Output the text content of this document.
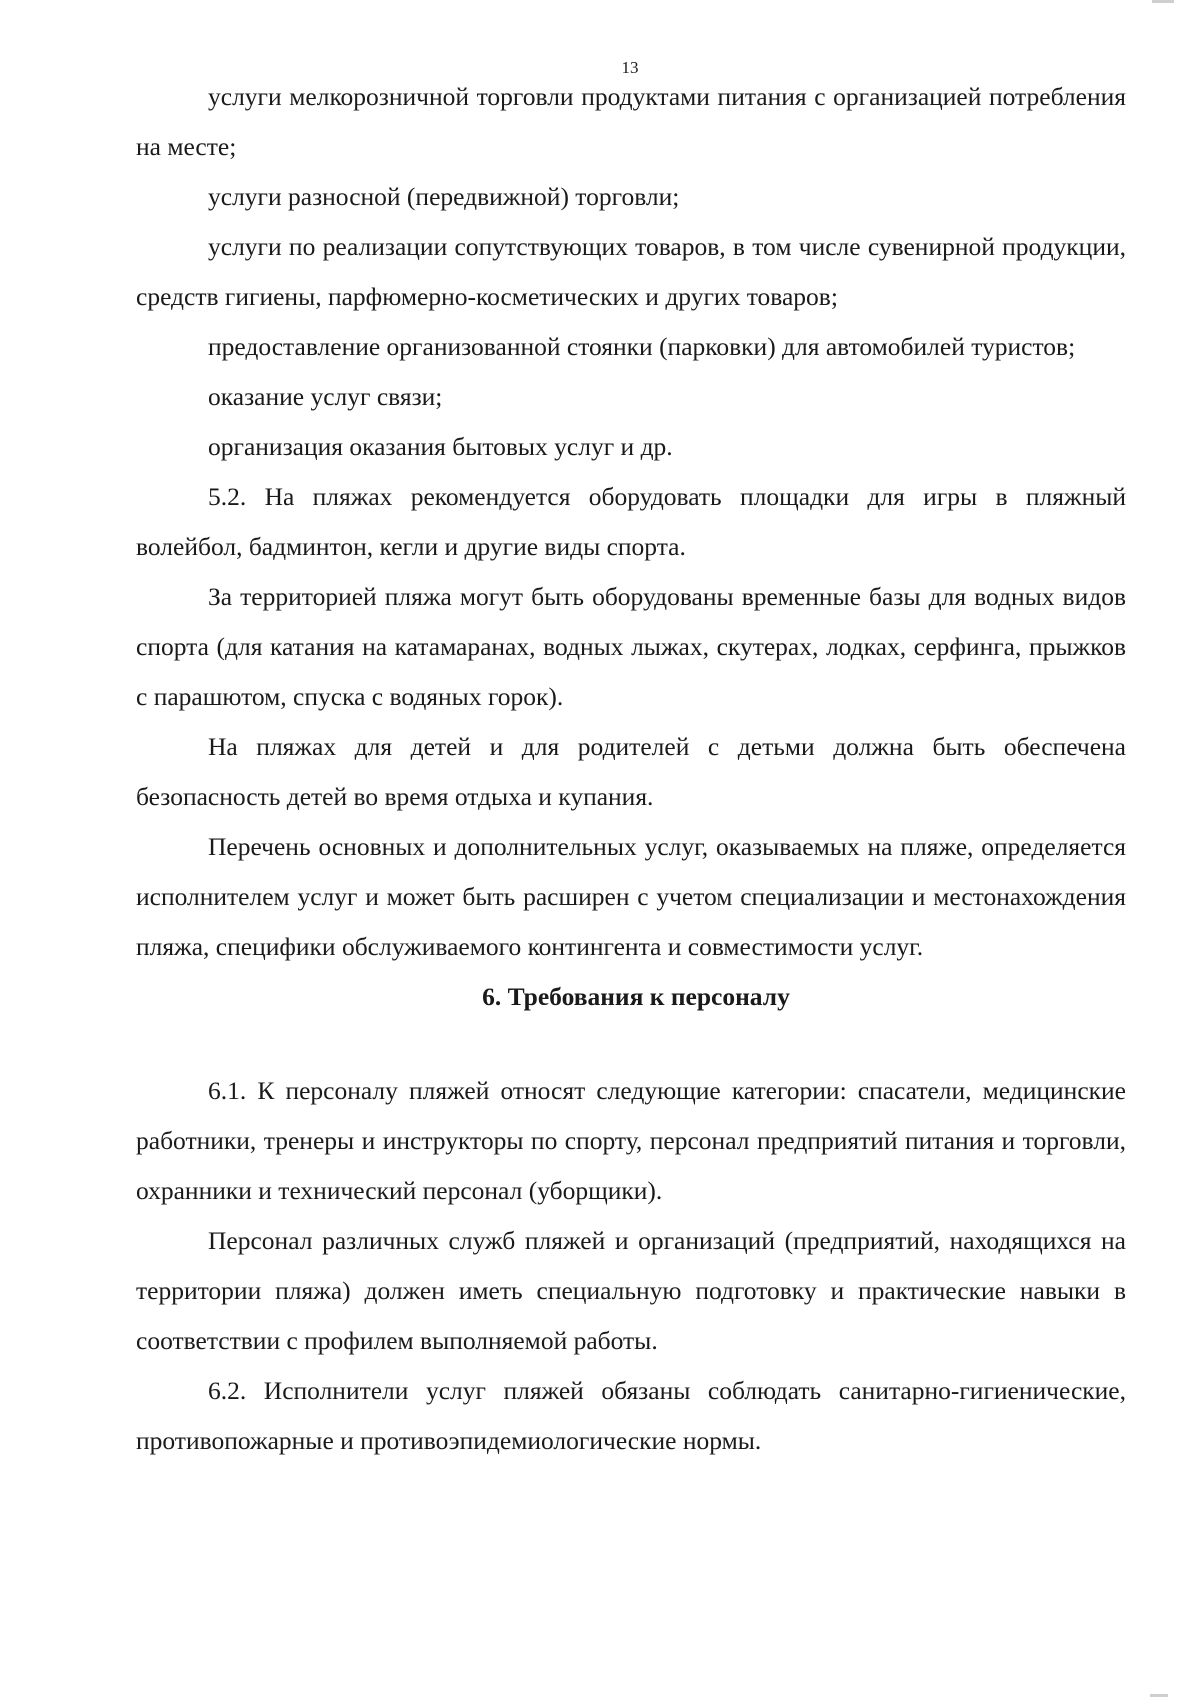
13

услуги мелкорозничной торговли продуктами питания с организацией потребления на месте;

услуги разносной (передвижной) торговли;

услуги по реализации сопутствующих товаров, в том числе сувенирной продукции, средств гигиены, парфюмерно-косметических и других товаров;

предоставление организованной стоянки (парковки) для автомобилей туристов;

оказание услуг связи;

организация оказания бытовых услуг и др.

5.2. На пляжах рекомендуется оборудовать площадки для игры в пляжный волейбол, бадминтон, кегли и другие виды спорта.

За территорией пляжа могут быть оборудованы временные базы для водных видов спорта (для катания на катамаранах, водных лыжах, скутерах, лодках, серфинга, прыжков с парашютом, спуска с водяных горок).

На пляжах для детей и для родителей с детьми должна быть обеспечена безопасность детей во время отдыха и купания.

Перечень основных и дополнительных услуг, оказываемых на пляже, определяется исполнителем услуг и может быть расширен с учетом специализации и местонахождения пляжа, специфики обслуживаемого контингента и совместимости услуг.

6. Требования к персоналу

6.1. К персоналу пляжей относят следующие категории: спасатели, медицинские работники, тренеры и инструкторы по спорту, персонал предприятий питания и торговли, охранники и технический персонал (уборщики).

Персонал различных служб пляжей и организаций (предприятий, находящихся на территории пляжа) должен иметь специальную подготовку и практические навыки в соответствии с профилем выполняемой работы.

6.2. Исполнители услуг пляжей обязаны соблюдать санитарно-гигиенические, противопожарные и противоэпидемиологические нормы.
